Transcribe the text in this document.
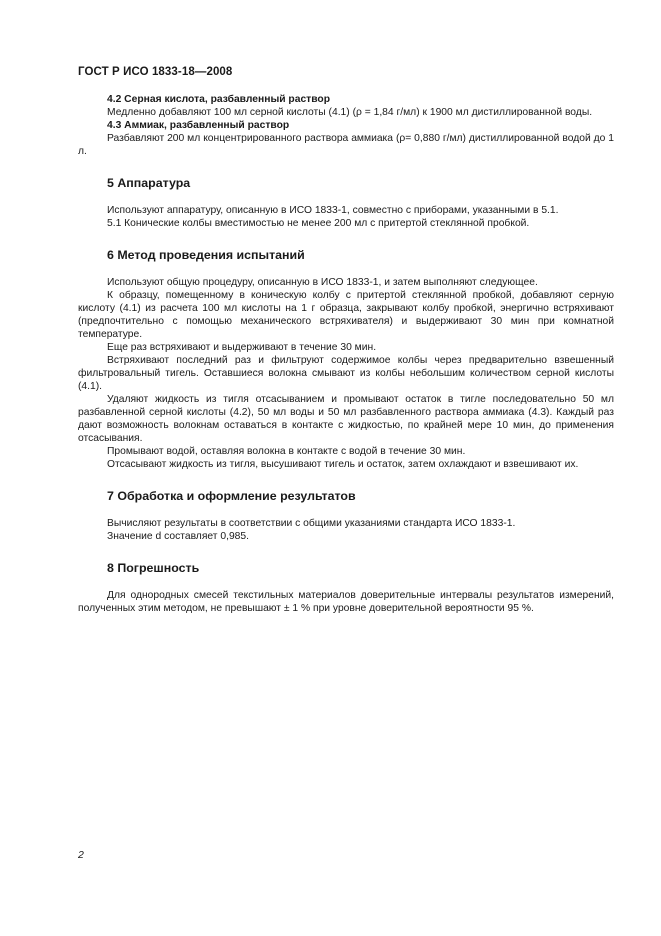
ГОСТ Р ИСО 1833-18—2008

4.2 Серная кислота, разбавленный раствор

Медленно добавляют 100 мл серной кислоты (4.1) (ρ = 1,84 г/мл) к 1900 мл дистиллированной воды.

4.3 Аммиак, разбавленный раствор

Разбавляют 200 мл концентрированного раствора аммиака (ρ= 0,880 г/мл) дистиллированной водой до 1 л.

5 Аппаратура

Используют аппаратуру, описанную в ИСО 1833-1, совместно с приборами, указанными в 5.1.

5.1 Конические колбы вместимостью не менее 200 мл с притертой стеклянной пробкой.

6 Метод проведения испытаний

Используют общую процедуру, описанную в ИСО 1833-1, и затем выполняют следующее.

К образцу, помещенному в коническую колбу с притертой стеклянной пробкой, добавляют серную кислоту (4.1) из расчета 100 мл кислоты на 1 г образца, закрывают колбу пробкой, энергично встряхивают (предпочтительно с помощью механического встряхивателя) и выдерживают 30 мин при комнатной температуре.

Еще раз встряхивают и выдерживают в течение 30 мин.

Встряхивают последний раз и фильтруют содержимое колбы через предварительно взвешенный фильтровальный тигель. Оставшиеся волокна смывают из колбы небольшим количеством серной кислоты (4.1).

Удаляют жидкость из тигля отсасыванием и промывают остаток в тигле последовательно 50 мл разбавленной серной кислоты (4.2), 50 мл воды и 50 мл разбавленного раствора аммиака (4.3). Каждый раз дают возможность волокнам оставаться в контакте с жидкостью, по крайней мере 10 мин, до применения отсасывания.

Промывают водой, оставляя волокна в контакте с водой в течение 30 мин.

Отсасывают жидкость из тигля, высушивают тигель и остаток, затем охлаждают и взвешивают их.

7 Обработка и оформление результатов

Вычисляют результаты в соответствии с общими указаниями стандарта ИСО 1833-1.

Значение d составляет 0,985.

8 Погрешность

Для однородных смесей текстильных материалов доверительные интервалы результатов измерений, полученных этим методом, не превышают ± 1 % при уровне доверительной вероятности 95 %.

2
